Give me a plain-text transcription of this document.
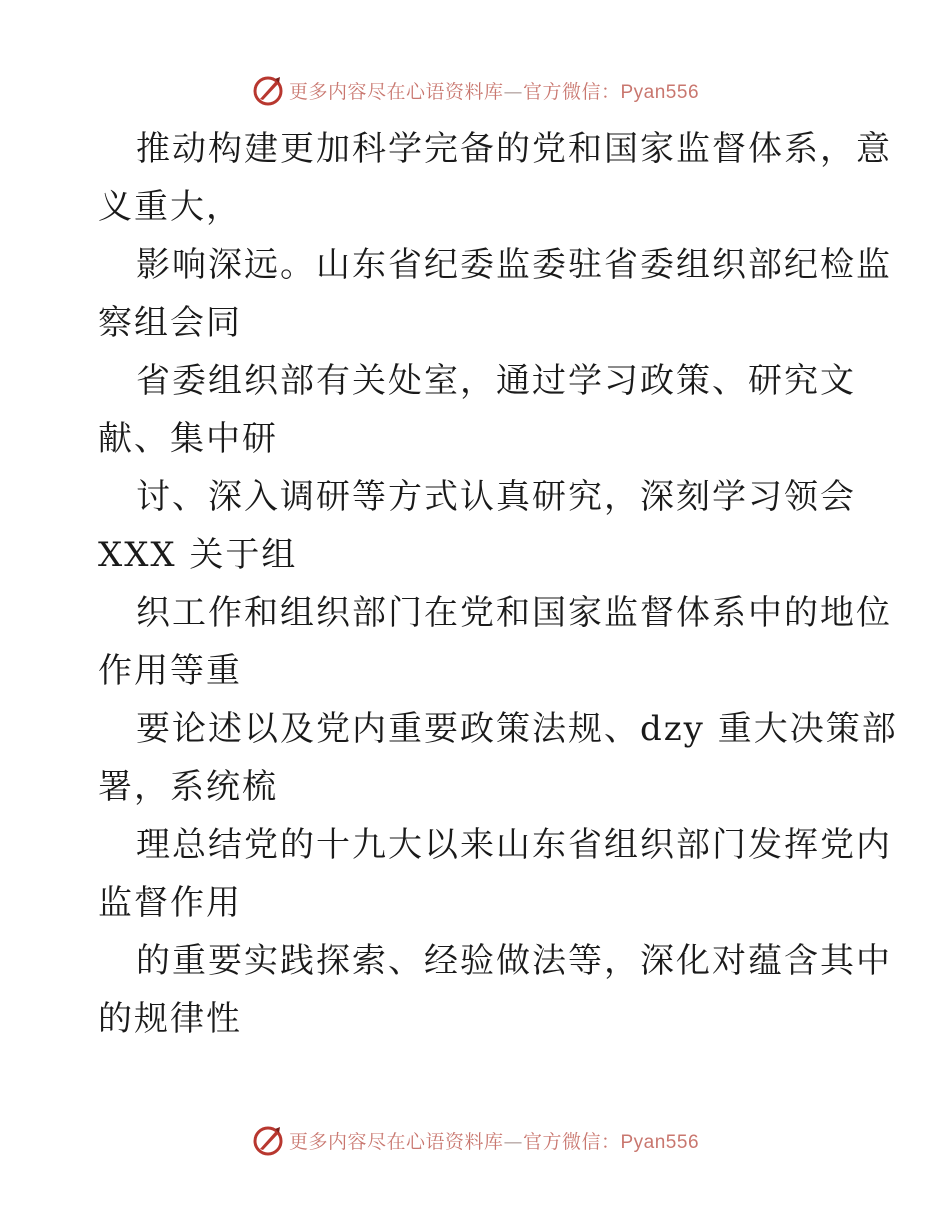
更多内容尽在心语资料库—官方微信：Pyan556
推动构建更加科学完备的党和国家监督体系，意
义重大，
影响深远。山东省纪委监委驻省委组织部纪检监
察组会同
省委组织部有关处室，通过学习政策、研究文
献、集中研
讨、深入调研等方式认真研究，深刻学习领会
XXX 关于组
织工作和组织部门在党和国家监督体系中的地位
作用等重
要论述以及党内重要政策法规、dzy 重大决策部
署，系统梳
理总结党的十九大以来山东省组织部门发挥党内
监督作用
的重要实践探索、经验做法等，深化对蕴含其中
的规律性
更多内容尽在心语资料库—官方微信：Pyan556
